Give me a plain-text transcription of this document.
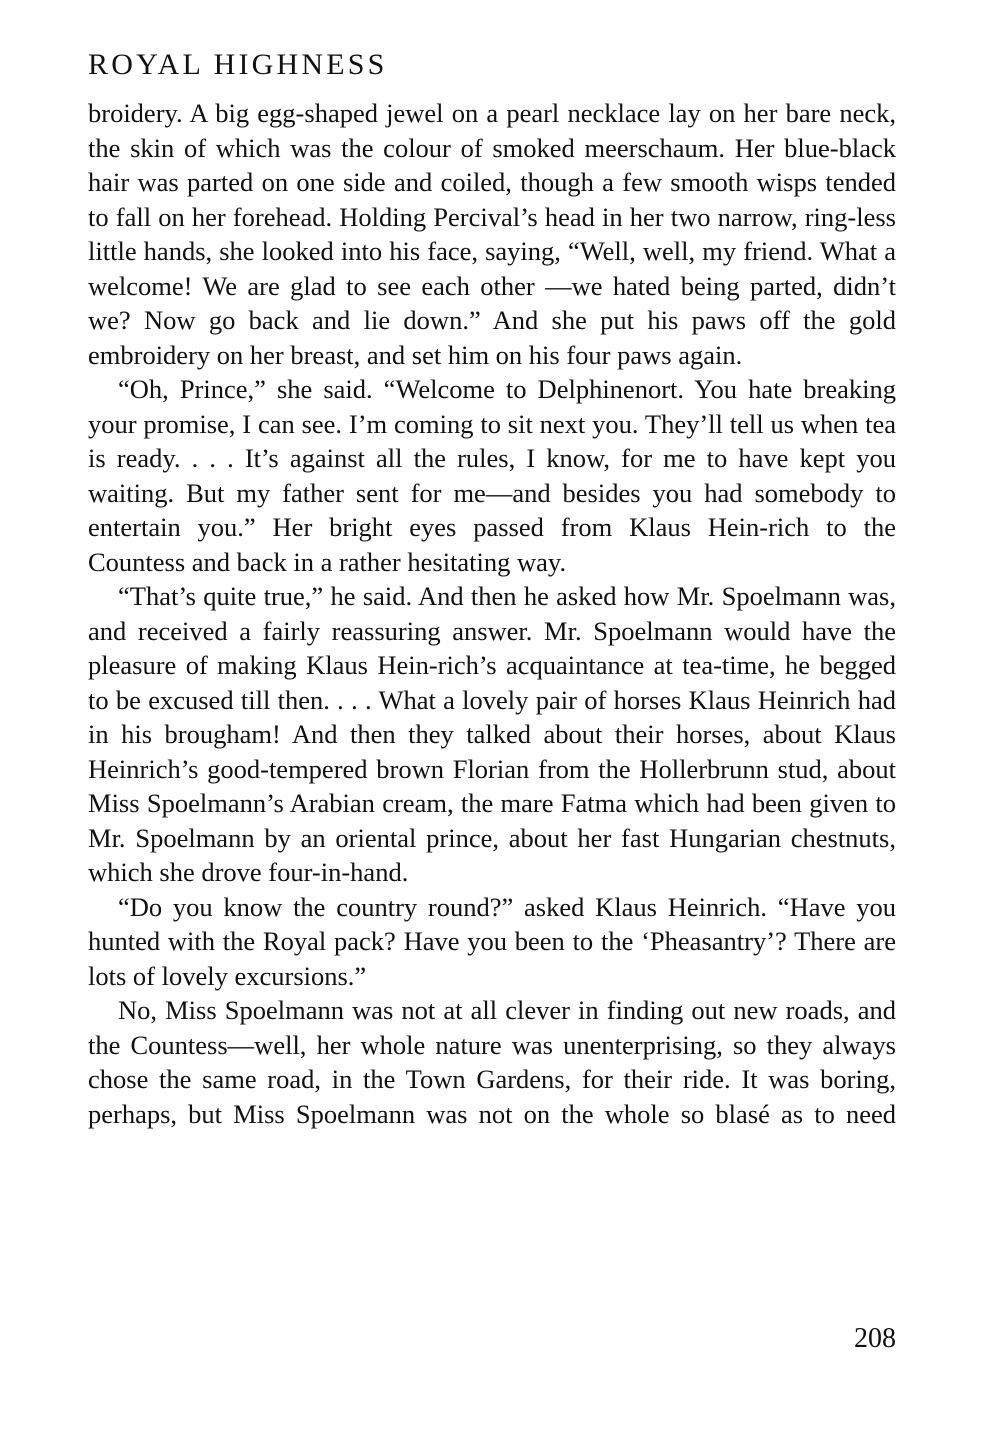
ROYAL HIGHNESS

broidery. A big egg-shaped jewel on a pearl necklace lay on her bare neck, the skin of which was the colour of smoked meerschaum. Her blue-black hair was parted on one side and coiled, though a few smooth wisps tended to fall on her forehead. Holding Percival’s head in her two narrow, ring-less little hands, she looked into his face, saying, “Well, well, my friend. What a welcome! We are glad to see each other —we hated being parted, didn’t we? Now go back and lie down.” And she put his paws off the gold embroidery on her breast, and set him on his four paws again.

“Oh, Prince,” she said. “Welcome to Delphinenort. You hate breaking your promise, I can see. I’m coming to sit next you. They’ll tell us when tea is ready. . . . It’s against all the rules, I know, for me to have kept you waiting. But my father sent for me—and besides you had somebody to entertain you.” Her bright eyes passed from Klaus Hein-rich to the Countess and back in a rather hesitating way.

“That’s quite true,” he said. And then he asked how Mr. Spoelmann was, and received a fairly reassuring answer. Mr. Spoelmann would have the pleasure of making Klaus Hein-rich’s acquaintance at tea-time, he begged to be excused till then. . . . What a lovely pair of horses Klaus Heinrich had in his brougham! And then they talked about their horses, about Klaus Heinrich’s good-tempered brown Florian from the Hollerbrunn stud, about Miss Spoelmann’s Arabian cream, the mare Fatma which had been given to Mr. Spoelmann by an oriental prince, about her fast Hungarian chestnuts, which she drove four-in-hand.

“Do you know the country round?” asked Klaus Heinrich. “Have you hunted with the Royal pack? Have you been to the ‘Pheasantry’? There are lots of lovely excursions.”

No, Miss Spoelmann was not at all clever in finding out new roads, and the Countess—well, her whole nature was unenterprising, so they always chose the same road, in the Town Gardens, for their ride. It was boring, perhaps, but Miss Spoelmann was not on the whole so blasé as to need

208
